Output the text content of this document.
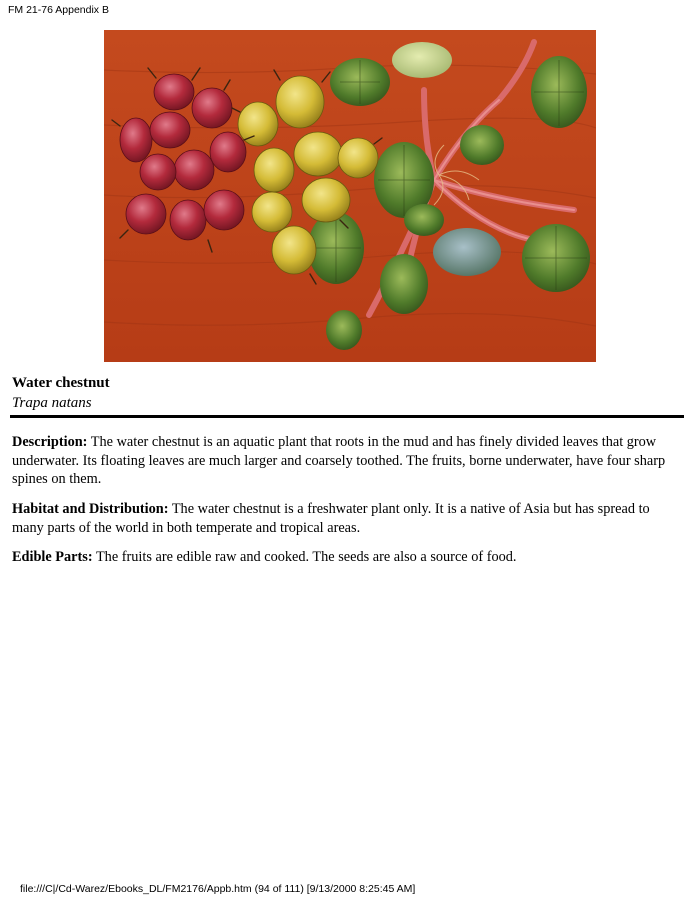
FM 21-76 Appendix B
Water chestnut
Trapa natans

Description: The water chestnut is an aquatic plant that roots in the mud and has finely divided leaves that grow underwater. Its floating leaves are much larger and coarsely toothed. The fruits, borne underwater, have four sharp spines on them.

Habitat and Distribution: The water chestnut is a freshwater plant only. It is a native of Asia but has spread to many parts of the world in both temperate and tropical areas.

Edible Parts: The fruits are edible raw and cooked. The seeds are also a source of food.

file:///C|/Cd-Warez/Ebooks_DL/FM2176/Appb.htm (94 of 111) [9/13/2000 8:25:45 AM]
